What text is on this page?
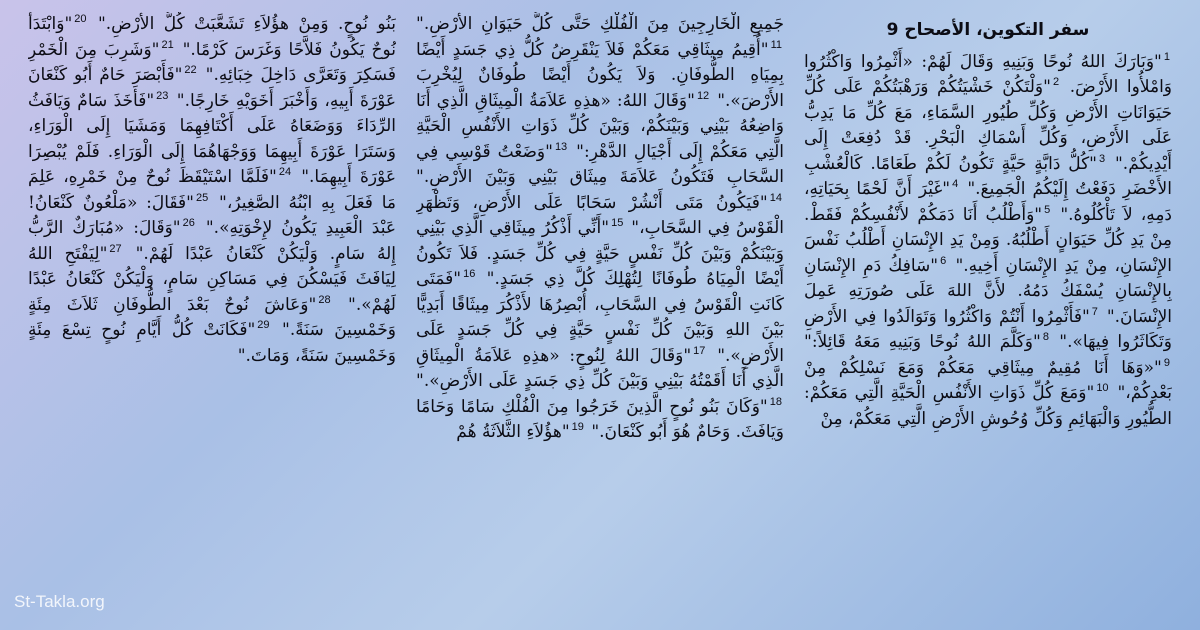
سفر التكوين، الأصحاح 9
$^1$"وَبَارَكَ اللهُ نُوحًا وَبَنِيهِ وَقَالَ لَهُمْ: «أَثْمِرُوا وَاكْثُرُوا وَامْلأُوا الأَرْضَ. $^2$"وَلْتَكُنْ خَشْيَتُكُمْ وَرَهْبَتُكُمْ عَلَى كُلِّ حَيَوَانَاتِ الأَرْضِ وَكُلِّ طُيُورِ السَّمَاءِ، مَعَ كُلِّ مَا يَدِبُّ عَلَى الأَرْضِ، وَكُلِّ أَسْمَاكِ الْبَحْرِ. قَدْ دُفِعَتْ إِلَى أَيْدِيكُمْ." $^3$"كُلُّ دَابَّةٍ حَيَّةٍ تَكُونُ لَكُمْ طَعَامًا. كَالْعُشْبِ الأَخْضَرِ دَفَعْتُ إِلَيْكُمُ الْجَمِيعَ." $^4$"غَيْرَ أَنَّ لَحْمًا بِحَيَاتِهِ، دَمِهِ، لاَ تَأْكُلُوهُ." $^5$"وَأَطْلُبُ أَنَا دَمَكُمْ لأَنْفُسِكُمْ فَقَطْ. مِنْ يَدِ كُلِّ حَيَوَانٍ أَطْلُبُهُ. وَمِنْ يَدِ الإِنْسَانِ أَطْلُبُ نَفْسَ الإِنْسَانِ، مِنْ يَدِ الإِنْسَانِ أَخِيهِ." $^6$"سَافِكُ دَمِ الإِنْسَانِ بِالإِنْسَانِ يُسْفَكُ دَمُهُ. لأَنَّ اللهَ عَلَى صُورَتِهِ عَمِلَ الإِنْسَانَ." $^7$"فَأَثْمِرُوا أَنْتُمْ وَاكْثُرُوا وَتَوَالَدُوا فِي الأَرْضِ وَتَكَاثَرُوا فِيهَا»." $^8$"وَكَلَّمَ اللهُ نُوحًا وَبَنِيهِ مَعَهُ قَائِلاً:" $^9$"«وَهَا أَنَا مُقِيمٌ مِيثَاقِي مَعَكُمْ وَمَعَ نَسْلِكُمْ مِنْ بَعْدِكُمْ،" $^{10}$"وَمَعَ كُلِّ ذَوَاتِ الأَنْفُسِ الْحَيَّةِ الَّتِي مَعَكُمْ: الطُّيُورِ وَالْبَهَائِمِ وَكُلِّ وُحُوشِ الأَرْضِ الَّتِي مَعَكُمْ، مِنْ
جَمِيعِ الْخَارِجِينَ مِنَ الْفُلْكِ حَتَّى كُلُّ حَيَوَانِ الأَرْضِ." $^{11}$"أُقِيمُ مِيثَاقِي مَعَكُمْ فَلاَ يَنْقَرِضُ كُلُّ ذِي جَسَدٍ أَيْضًا بِمِيَاهِ الطُّوفَانِ. وَلاَ يَكُونُ أَيْضًا طُوفَانٌ لِيُخْرِبَ الأَرْضَ»." $^{12}$"وَقَالَ اللهُ: «هذِهِ عَلاَمَةُ الْمِيثَاقِ الَّذِي أَنَا وَاضِعُهُ بَيْنِي وَبَيْنَكُمْ، وَبَيْنَ كُلِّ ذَوَاتِ الأَنْفُسِ الْحَيَّةِ الَّتِي مَعَكُمْ إِلَى أَجْيَالِ الدَّهْرِ:" $^{13}$"وَضَعْتُ قَوْسِي فِي السَّحَابِ فَتَكُونُ عَلاَمَةَ مِيثَاق بَيْنِي وَبَيْنَ الأَرْضِ." $^{14}$"فَيَكُونُ مَتَى أَنْشُرْ سَحَابًا عَلَى الأَرْضِ، وَتَظْهَرِ الْقَوْسُ فِي السَّحَابِ،" $^{15}$"أَنِّي أَذْكُرُ مِيثَاقِي الَّذِي بَيْنِي وَبَيْنَكُمْ وَبَيْنَ كُلِّ نَفْسٍ حَيَّةٍ فِي كُلِّ جَسَدٍ. فَلاَ تَكُونُ أَيْضًا الْمِيَاهُ طُوفَانًا لِتُهْلِكَ كُلَّ ذِي جَسَدٍ." $^{16}$"فَمَتَى كَانَتِ الْقَوْسُ فِي السَّحَابِ، أُبْصِرُهَا لأَذْكُرَ مِيثَاقًا أَبَدِيًّا بَيْنَ اللهِ وَبَيْنَ كُلِّ نَفْسٍ حَيَّةٍ فِي كُلِّ جَسَدٍ عَلَى الأَرْضِ»." $^{17}$"وَقَالَ اللهُ لِنُوحٍ: «هذِهِ عَلاَمَةُ الْمِيثَاقِ الَّذِي أَنَا أَقَمْتُهُ بَيْنِي وَبَيْنَ كُلِّ ذِي جَسَدٍ عَلَى الأَرْضِ»." $^{18}$"وَكَانَ بَنُو نُوحٍ الَّذِينَ خَرَجُوا مِنَ الْفُلْكِ سَامًا وَحَامًا وَيَافَثَ. وَحَامٌ هُوَ أَبُو كَنْعَانَ." $^{19}$"هؤُلاَءِ الثَّلاَثَةُ هُمْ
بَنُو نُوحٍ. وَمِنْ هؤُلاَءِ تَشَعَّبَتْ كُلُّ الأَرْضِ." $^{20}$"وَابْتَدَأَ نُوحٌ يَكُونُ فَلاَّحًا وَغَرَسَ كَرْمًا." $^{21}$"وَشَرِبَ مِنَ الْخَمْرِ فَسَكِرَ وَتَعَرَّى دَاخِلَ خِبَائِهِ." $^{22}$"فَأَبْصَرَ حَامٌ أَبُو كَنْعَانَ عَوْرَةَ أَبِيهِ، وَأَخْبَرَ أَخَوَيْهِ خَارِجًا." $^{23}$"فَأَخَذَ سَامٌ وَيَافَثُ الرِّدَاءَ وَوَضَعَاهُ عَلَى أَكْتَافِهِمَا وَمَشَيَا إِلَى الْوَرَاءِ، وَسَتَرَا عَوْرَةَ أَبِيهِمَا وَوَجْهَاهُمَا إِلَى الْوَرَاءِ. فَلَمْ يُبْصِرَا عَوْرَةَ أَبِيهِمَا." $^{24}$"فَلَمَّا اسْتَيْقَظَ نُوحٌ مِنْ خَمْرِهِ، عَلِمَ مَا فَعَلَ بِهِ ابْنُهُ الصَّغِيرُ،" $^{25}$"فَقَالَ: «مَلْعُونٌ كَنْعَانُ! عَبْدَ الْعَبِيدِ يَكُونُ لإِخْوَتِهِ»." $^{26}$"وَقَالَ: «مُبَارَكٌ الرَّبُّ إِلهُ سَامٍ. وَلْيَكُنْ كَنْعَانُ عَبْدًا لَهُمْ." $^{27}$"لِيَفْتَحِ اللهُ لِيَافَثَ فَيَسْكُنَ فِي مَسَاكِنِ سَامٍ، وَلْيَكُنْ كَنْعَانُ عَبْدًا لَهُمْ»." $^{28}$"وَعَاشَ نُوحٌ بَعْدَ الطُّوفَانِ ثَلاَثَ مِئَةٍ وَخَمْسِينَ سَنَةً." $^{29}$"فَكَانَتْ كُلُّ أَيَّامِ نُوحٍ تِسْعَ مِئَةٍ وَخَمْسِينَ سَنَةً، وَمَاتَ."
St-Takla.org
